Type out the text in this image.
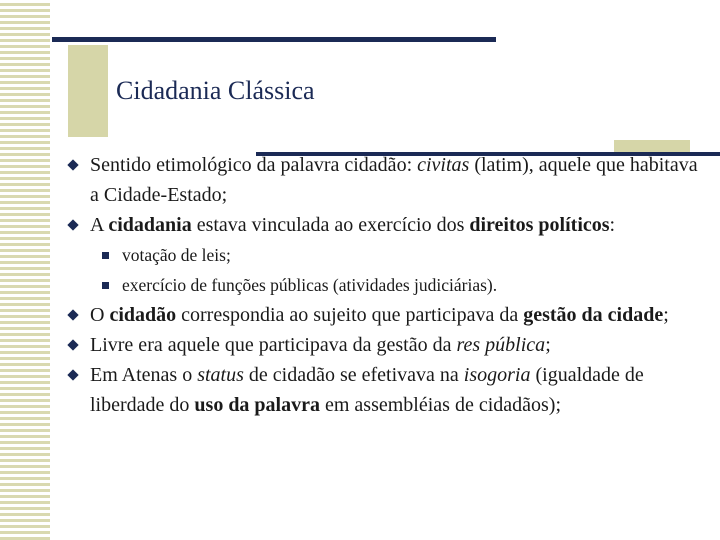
Cidadania Clássica
Sentido etimológico da palavra cidadão: civitas (latim), aquele que habitava a Cidade-Estado;
A cidadania estava vinculada ao exercício dos direitos políticos:
votação de leis;
exercício de funções públicas (atividades judiciárias).
O cidadão correspondia ao sujeito que participava da gestão da cidade;
Livre era aquele que participava da gestão da res pública;
Em Atenas o status de cidadão se efetivava na isogoria (igualdade de liberdade do uso da palavra em assembléias de cidadãos);
